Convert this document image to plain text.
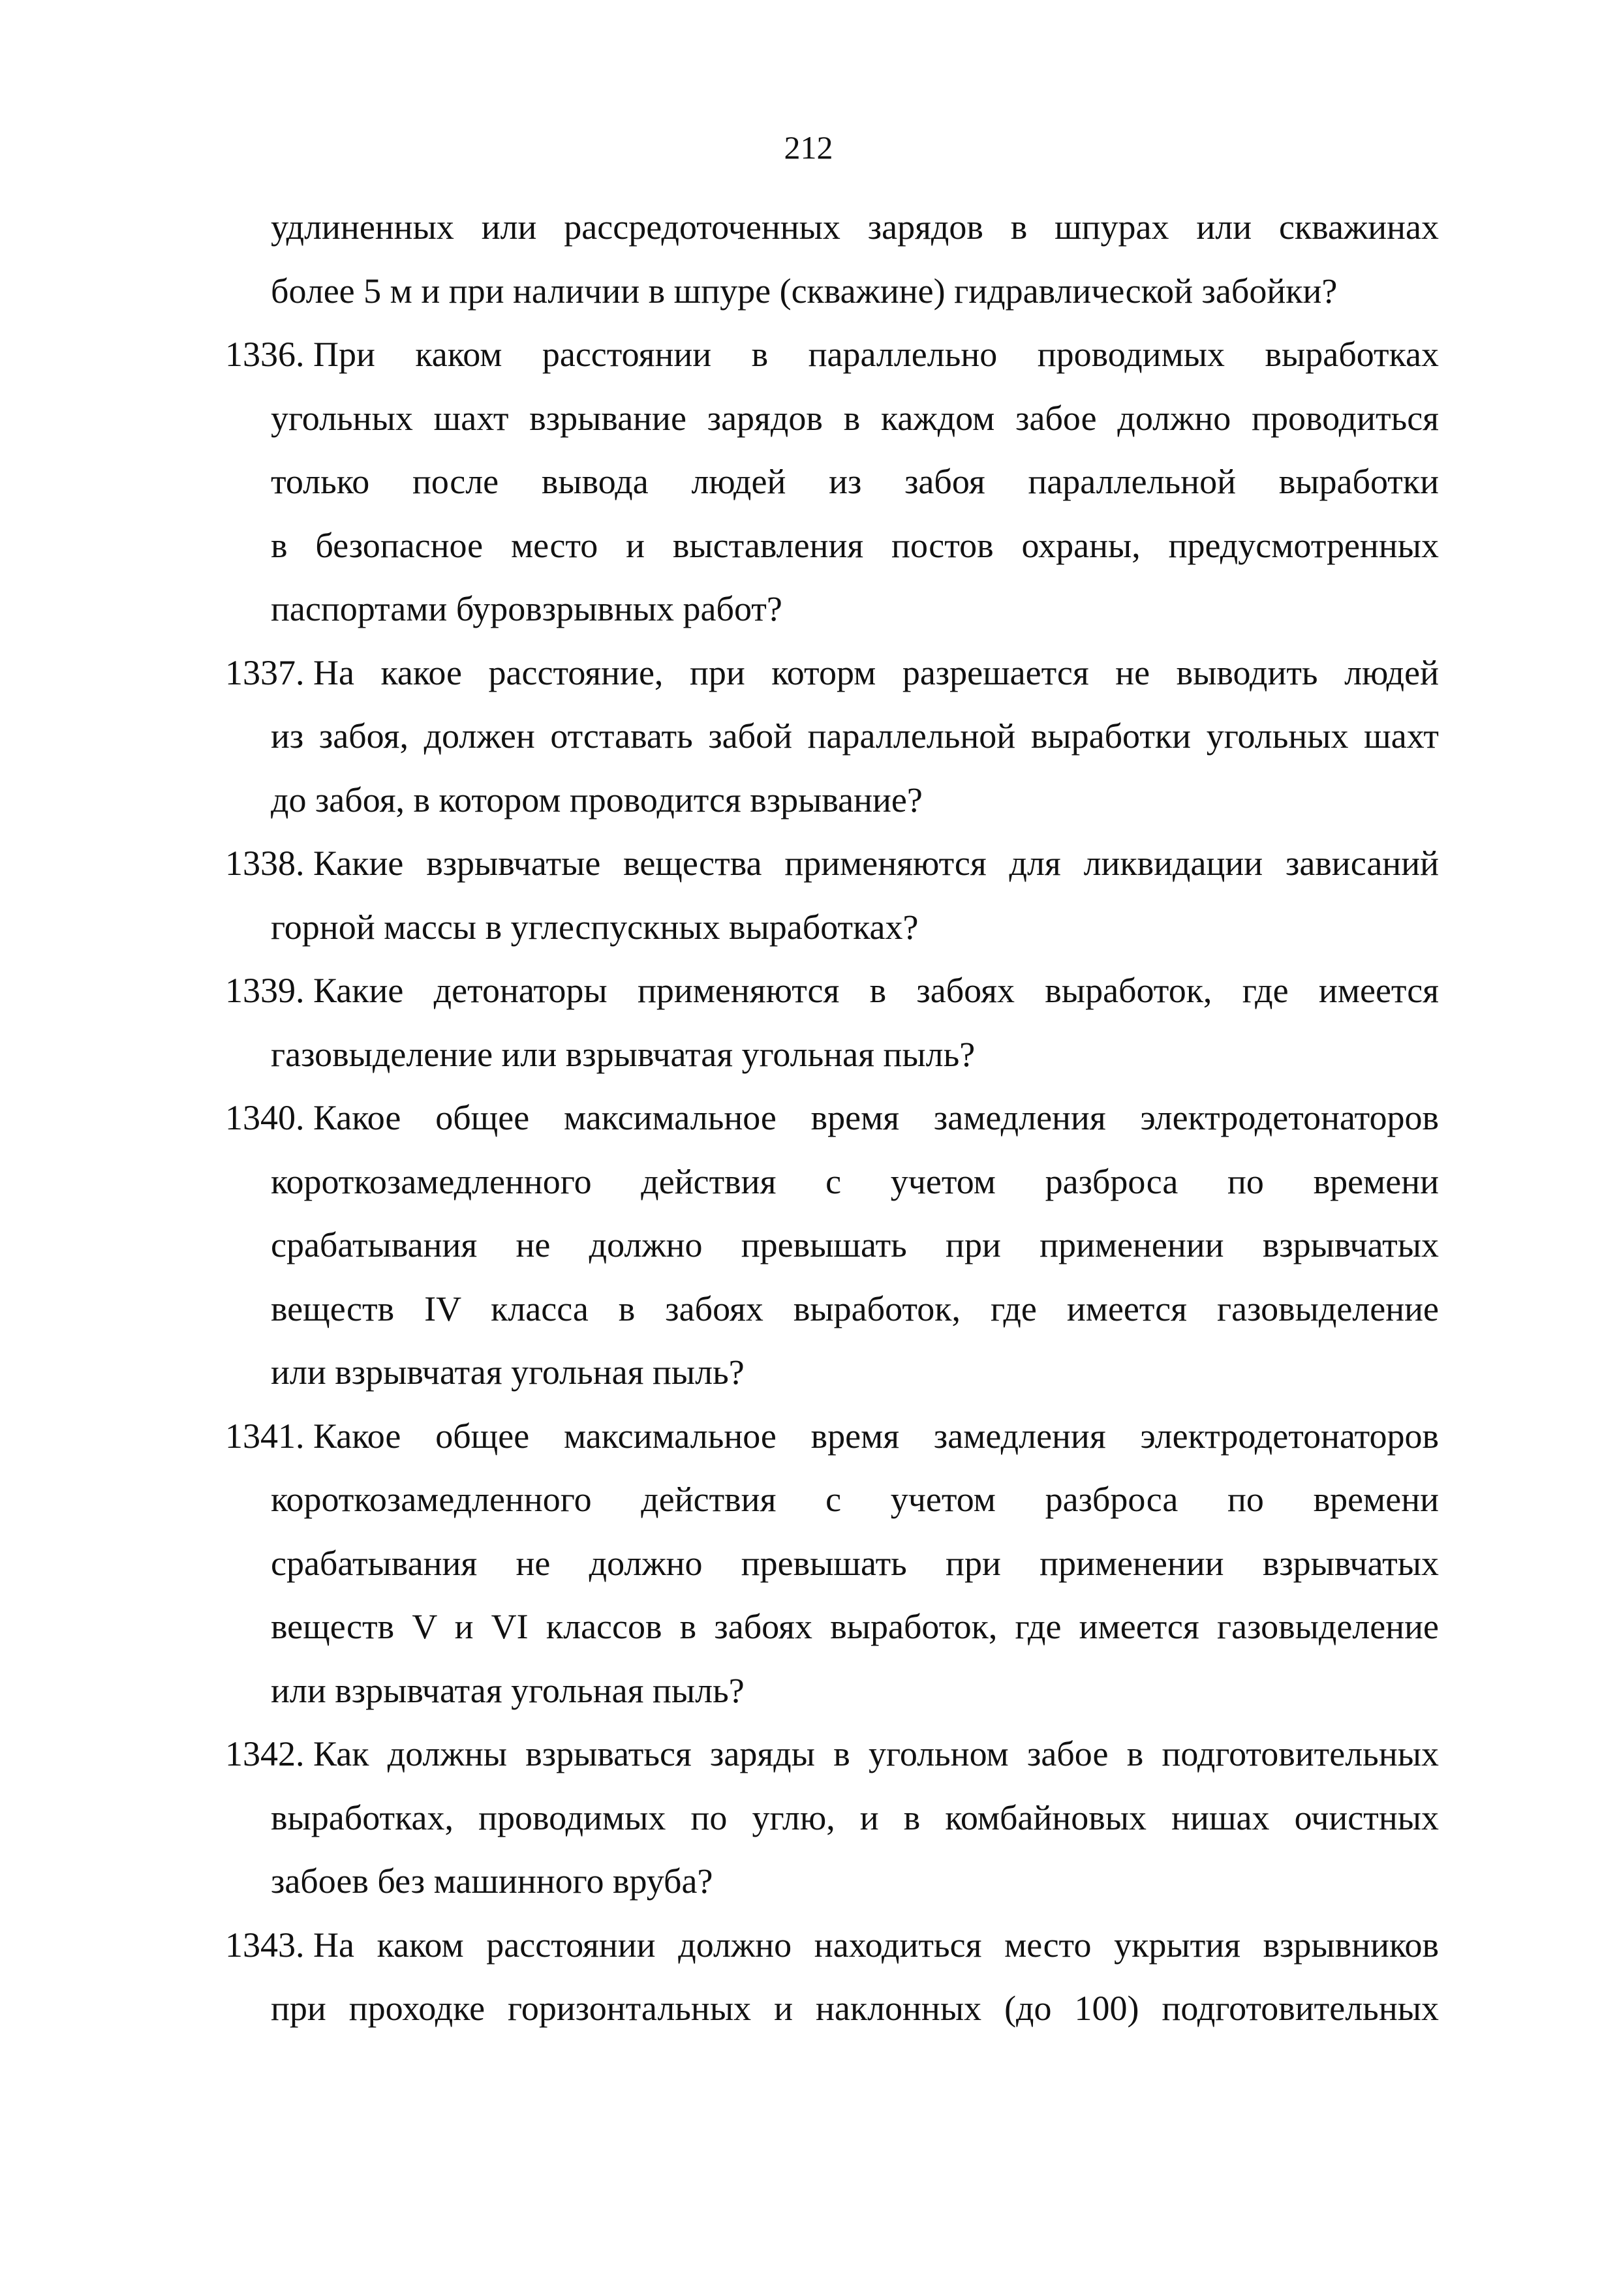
212
удлиненных или рассредоточенных зарядов в шпурах или скважинах
более 5 м и при наличии в шпуре (скважине) гидравлической забойки?
1336. При каком расстоянии в параллельно проводимых выработках
угольных шахт взрывание зарядов в каждом забое должно проводиться
только после вывода людей из забоя параллельной выработки
в безопасное место и выставления постов охраны, предусмотренных
паспортами буровзрывных работ?
1337. На какое расстояние, при которм разрешается не выводить людей
из забоя, должен отставать забой параллельной выработки угольных шахт
до забоя, в котором проводится взрывание?
1338. Какие взрывчатые вещества применяются для ликвидации зависаний
горной массы в углеспускных выработках?
1339. Какие детонаторы применяются в забоях выработок, где имеется
газовыделение или взрывчатая угольная пыль?
1340. Какое общее максимальное время замедления электродетонаторов
короткозамедленного действия с учетом разброса по времени
срабатывания не должно превышать при применении взрывчатых
веществ IV класса в забоях выработок, где имеется газовыделение
или взрывчатая угольная пыль?
1341. Какое общее максимальное время замедления электродетонаторов
короткозамедленного действия с учетом разброса по времени
срабатывания не должно превышать при применении взрывчатых
веществ V и VI классов в забоях выработок, где имеется газовыделение
или взрывчатая угольная пыль?
1342. Как должны взрываться заряды в угольном забое в подготовительных
выработках, проводимых по углю, и в комбайновых нишах очистных
забоев без машинного вруба?
1343. На каком расстоянии должно находиться место укрытия взрывников
при проходке горизонтальных и наклонных (до 100) подготовительных
